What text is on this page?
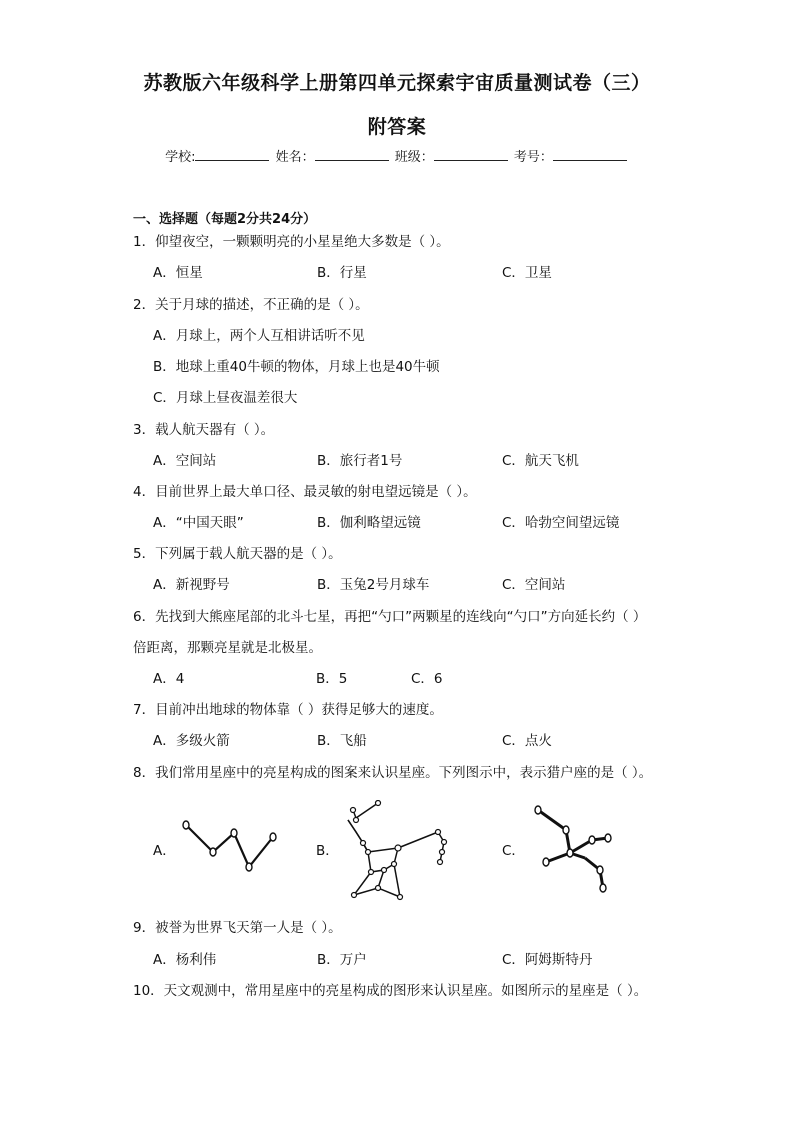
苏教版六年级科学上册第四单元探索宇宙质量测试卷（三）
附答案
学校:	姓名：	班级：	考号：
一、选择题（每题2分共24分）
1．仰望夜空，一颗颗明亮的小星星绝大多数是（ ）。
A．恒星	B．行星	C．卫星
2．关于月球的描述，不正确的是（ ）。
A．月球上，两个人互相讲话听不见
B．地球上重40牛顿的物体，月球上也是40牛顿
C．月球上昼夜温差很大
3．载人航天器有（ ）。
A．空间站	B．旅行者1号	C．航天飞机
4．目前世界上最大单口径、最灵敏的射电望远镜是（ ）。
A．“中国天眼”	B．伽利略望远镜	C．哈勃空间望远镜
5．下列属于载人航天器的是（ ）。
A．新视野号	B．玉兔2号月球车	C．空间站
6．先找到大熊座尾部的北斗七星，再把“勺口”两颗星的连线向“勺口”方向延长约（ ）
倍距离，那颗亮星就是北极星。
A．4	B．5	C．6
7．目前冲出地球的物体靠（ ）获得足够大的速度。
A．多级火箭	B．飞船	C．点火
8．我们常用星座中的亮星构成的图案来认识星座。下列图示中，表示猎户座的是（ ）。
A．	B．	C．
9．被誉为世界飞天第一人是（ ）。
A．杨利伟	B．万户	C．阿姆斯特丹
10．天文观测中，常用星座中的亮星构成的图形来认识星座。如图所示的星座是（ ）。
